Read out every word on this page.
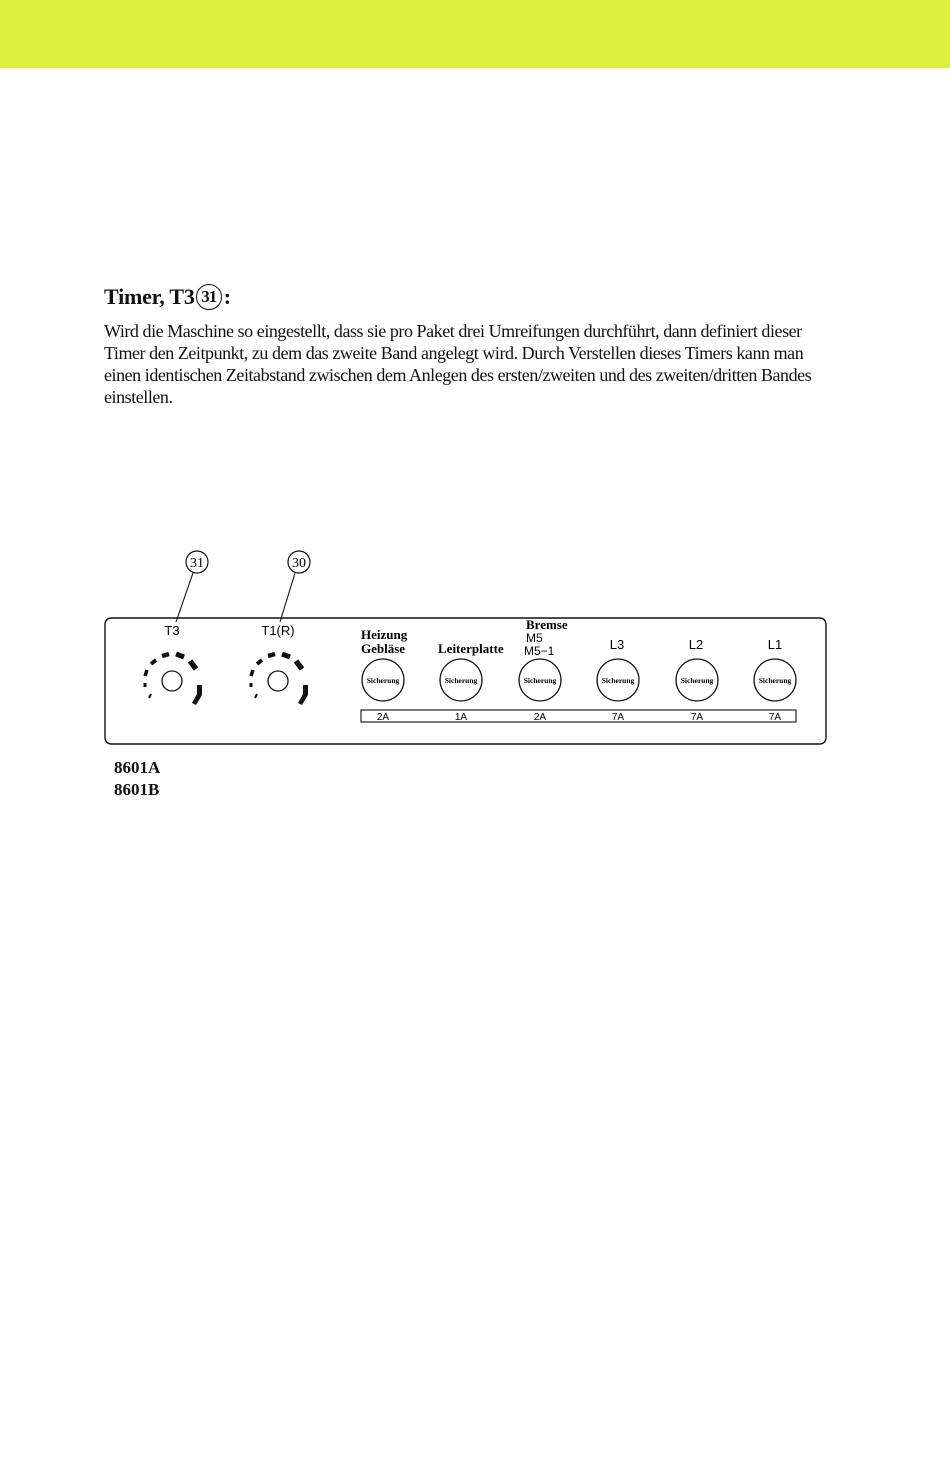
Timer, T3 31 :

Wird die Maschine so eingestellt, dass sie pro Paket drei Umreifungen durchführt, dann definiert dieser Timer den Zeitpunkt, zu dem das zweite Band angelegt wird. Durch Verstellen dieses Timers kann man einen identischen Zeitabstand zwischen dem Anlegen des ersten/zweiten und des zweiten/dritten Bandes einstellen.

31	30
T3	T1(R)	Heizung
Gebläse	Leiterplatte
Bremse
M5
M5−1	L3	L2	L1
Sicherung	Sicherung	Sicherung	Sicherung	Sicherung	Sicherung
2A	1A	2A	7A	7A	7A
8601A
8601B
